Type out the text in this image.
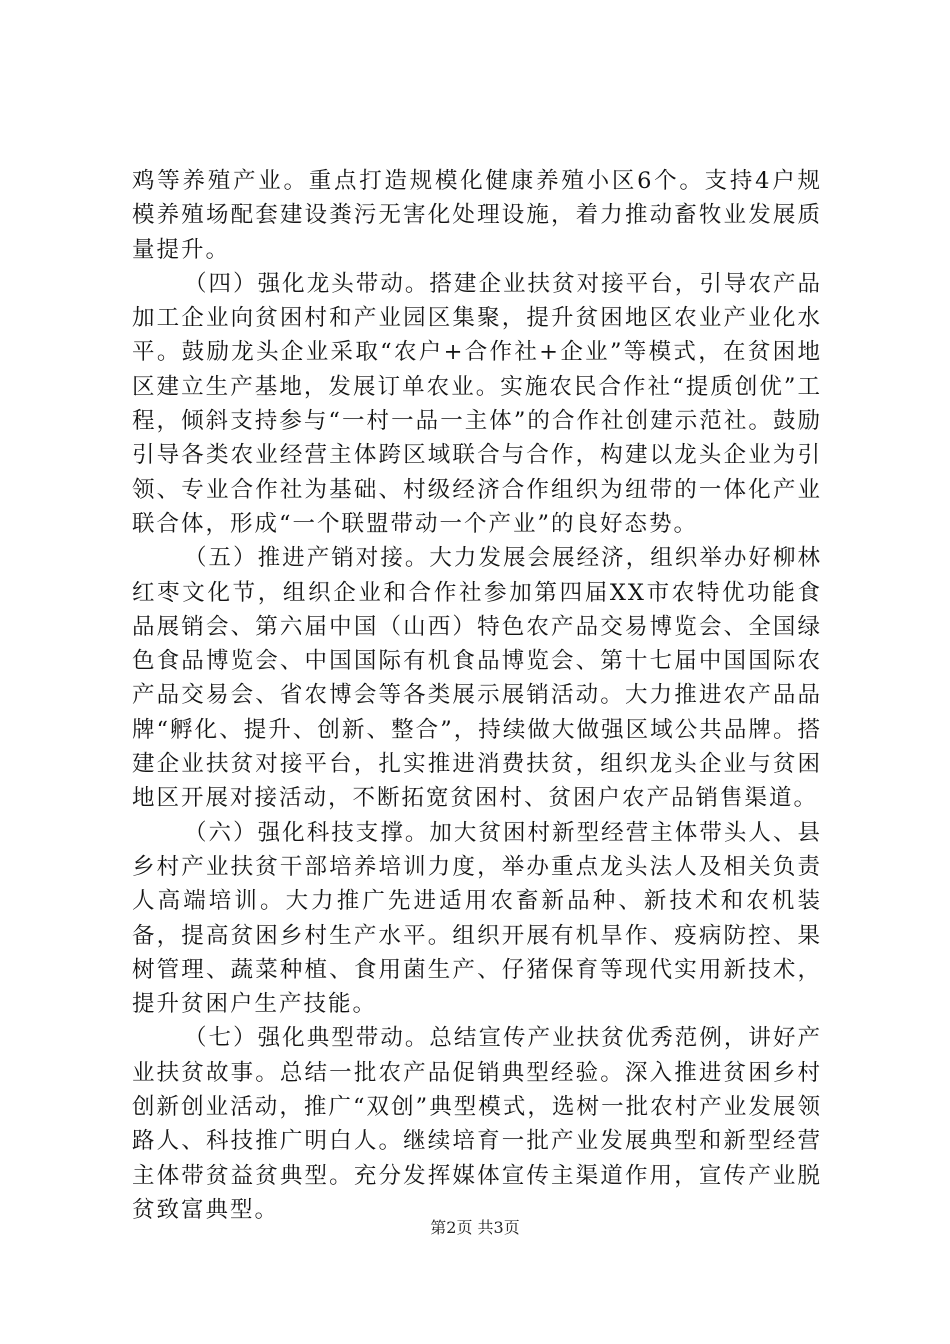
鸡等养殖产业。重点打造规模化健康养殖小区6个。支持4户规模养殖场配套建设粪污无害化处理设施，着力推动畜牧业发展质量提升。

（四）强化龙头带动。搭建企业扶贫对接平台，引导农产品加工企业向贫困村和产业园区集聚，提升贫困地区农业产业化水平。鼓励龙头企业采取“农户+合作社+企业”等模式，在贫困地区建立生产基地，发展订单农业。实施农民合作社“提质创优”工程，倾斜支持参与“一村一品一主体”的合作社创建示范社。鼓励引导各类农业经营主体跨区域联合与合作，构建以龙头企业为引领、专业合作社为基础、村级经济合作组织为纽带的一体化产业联合体，形成“一个联盟带动一个产业”的良好态势。

（五）推进产销对接。大力发展会展经济，组织举办好柳林红枣文化节，组织企业和合作社参加第四届XX市农特优功能食品展销会、第六届中国（山西）特色农产品交易博览会、全国绿色食品博览会、中国国际有机食品博览会、第十七届中国国际农产品交易会、省农博会等各类展示展销活动。大力推进农产品品牌“孵化、提升、创新、整合”，持续做大做强区域公共品牌。搭建企业扶贫对接平台，扎实推进消费扶贫，组织龙头企业与贫困地区开展对接活动，不断拓宽贫困村、贫困户农产品销售渠道。

（六）强化科技支撑。加大贫困村新型经营主体带头人、县乡村产业扶贫干部培养培训力度，举办重点龙头法人及相关负责人高端培训。大力推广先进适用农畜新品种、新技术和农机装备，提高贫困乡村生产水平。组织开展有机旱作、疫病防控、果树管理、蔬菜种植、食用菌生产、仔猪保育等现代实用新技术，提升贫困户生产技能。

（七）强化典型带动。总结宣传产业扶贫优秀范例，讲好产业扶贫故事。总结一批农产品促销典型经验。深入推进贫困乡村创新创业活动，推广“双创”典型模式，选树一批农村产业发展领路人、科技推广明白人。继续培育一批产业发展典型和新型经营主体带贫益贫典型。充分发挥媒体宣传主渠道作用，宣传产业脱贫致富典型。

第2页 共3页
